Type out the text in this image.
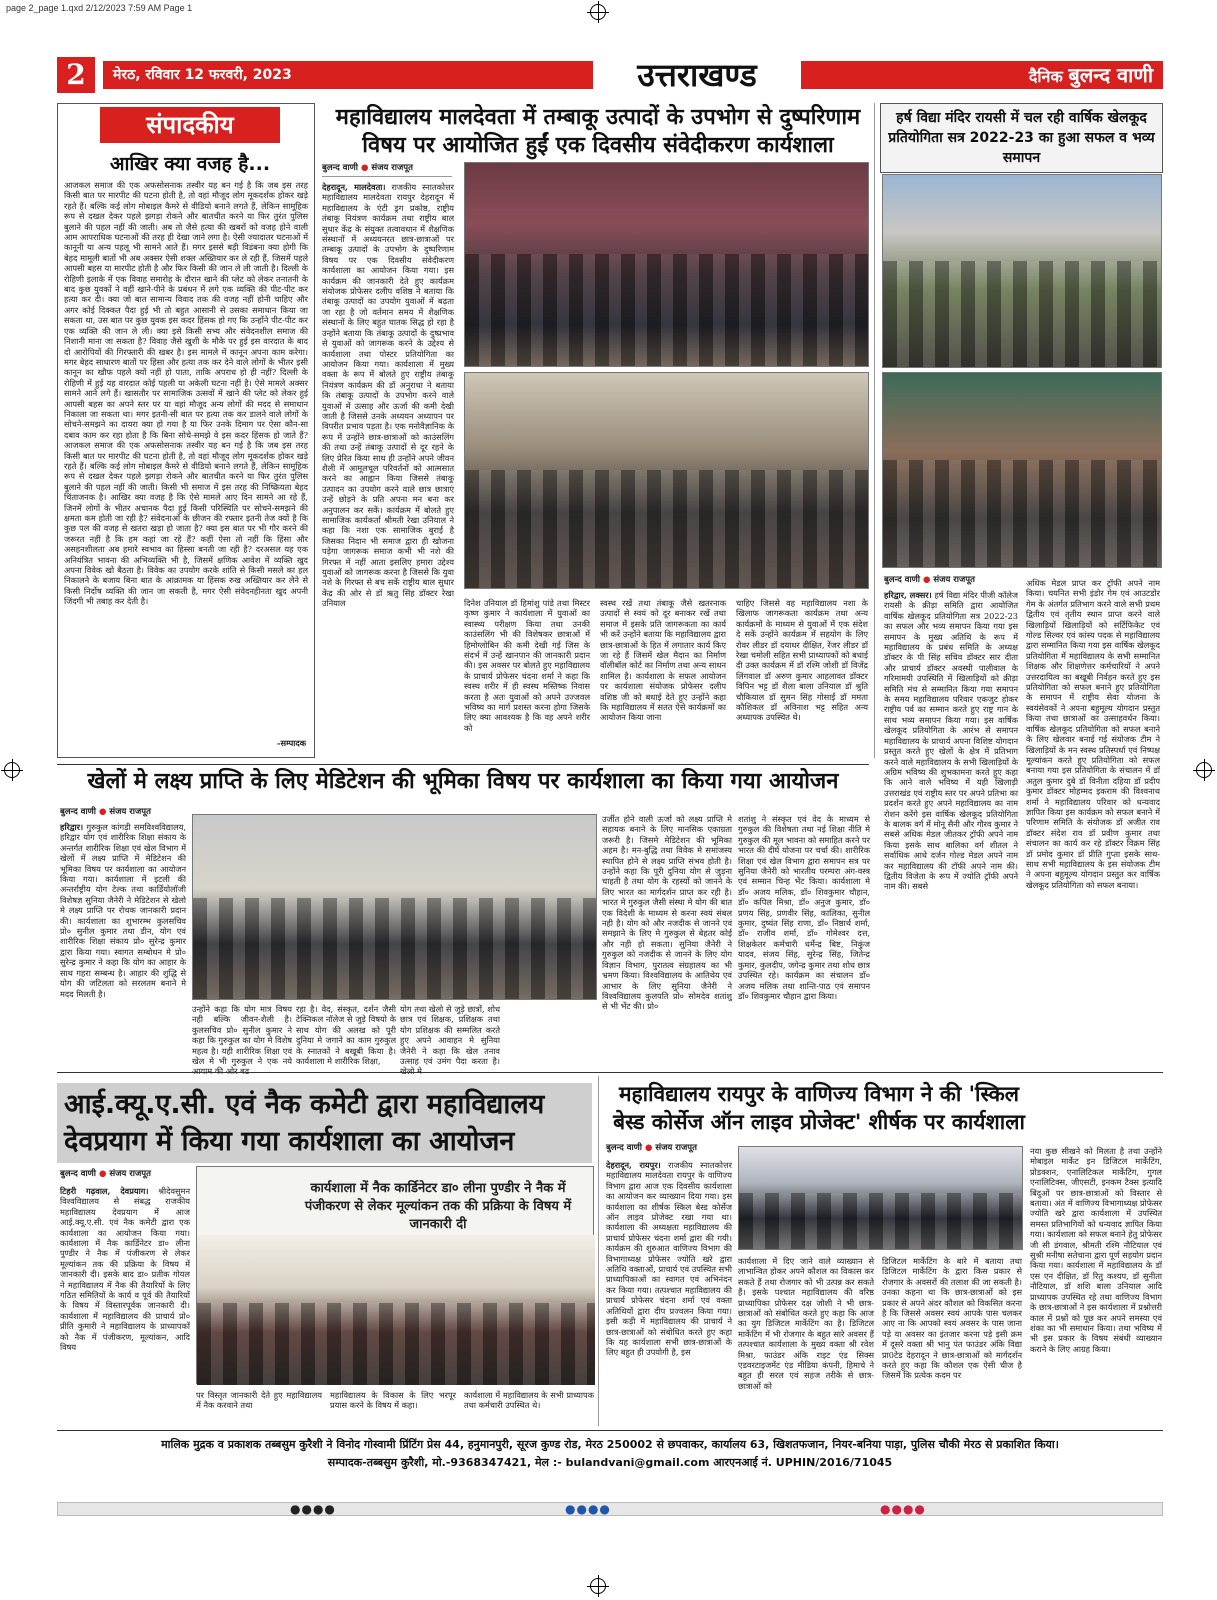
page 2_page 1.qxd 2/12/2023 7:59 AM Page 1
2	मेरठ, रविवार 12 फरवरी, 2023	उत्तराखण्ड	दैनिक बुलन्द वाणी
संपादकीय
आखिर क्या वजह है...
आजकल समाज की एक अफसोसनाक तस्वीर यह बन गई है कि जब इस तरह किसी बात पर मारपीट की घटना होती है, तो वहां मौजूद लोग मूकदर्शक होकर खड़े रहते हैं। बल्कि कई लोग मोबाइल कैमरे से वीडियो बनाने लगते हैं, लेकिन सामूहिक रूप से दखल देकर पहले झगड़ा रोकने और बातचीत करने या फिर तुरंत पुलिस बुलाने की पहल नहीं की जाती। अब तो जैसे हत्या की खबरों को वजह होने वाली आम आपराधिक घटनाओं की तरह ही देखा जाने लगा है। ऐसी ज्यादातर घटनाओं में कानूनी या अन्य पहलू भी सामने आते हैं। मगर इससे बड़ी विडंबना क्या होगी कि बेहद मामूली बातों भी अब अक्सर ऐसी शक्ल अख्तियार कर ले रही हैं, जिसमें पहले आपसी बहस या मारपीट होती है और फिर किसी की जान ले ली जाती है। दिल्ली के रोहिणी इलाके में एक विवाह समारोह के दौरान खाने की प्लेट को लेकर तनातनी के बाद कुछ युवकों ने वहीं खाने-पीने के प्रबंधन में लगे एक व्यक्ति की पीट-पीट कर हत्या कर दी। क्या जो बात सामान्य विवाद तक की वजह नहीं होनी चाहिए और अगर कोई दिक्कत पैदा हुई भी तो बहुत आसानी से उसका समाधान किया जा सकता था, उस बात पर कुछ युवक इस कदर हिंसक हो गए कि उन्होंने पीट-पीट कर एक व्यक्ति की जान ले ली। क्या इसे किसी सभ्य और संवेदनशील समाज की निशानी माना जा सकता है? विवाह जैसे खुशी के मौके पर हुई इस वारदात के बाद दो आरोपियों की गिरफ्तारी की खबर है। इस मामले में कानून अपना काम करेगा। मगर बेहद साधारण बातों पर हिंसा और हत्या तक कर देने वाले लोगों के भीतर इसी कानून का खौफ पहले क्यों नहीं हो पाता, ताकि अपराध हो ही नहीं? दिल्ली के रोहिणी में हुई यह वारदात कोई पहली या अकेली घटना नहीं है। ऐसे मामले अक्सर सामने आने लगे हैं। खासतौर पर सामाजिक उत्सवों में खाने की प्लेट को लेकर हुई आपसी बहस का अपने स्तर पर या वहां मौजूद अन्य लोगों की मदद से समाधान निकाला जा सकता था। मगर इतनी-सी बात पर हत्या तक कर डालने वाले लोगों के सोचने-समझने का दायरा क्या हो गया है या फिर उनके दिमाग पर ऐसा कौन-सा दबाव काम कर रहा होता है कि बिना सोचे-समझे वे इस कदर हिंसक हो जाते हैं? आजकल समाज की एक अफसोसनाक तस्वीर यह बन गई है कि जब इस तरह किसी बात पर मारपीट की घटना होती है, तो वहां मौजूद लोग मूकदर्शक होकर खड़े रहते हैं। बल्कि कई लोग मोबाइल कैमरे से वीडियो बनाने लगते हैं, लेकिन सामूहिक रूप से दखल देकर पहले झगड़ा रोकने और बातचीत करने या फिर तुरंत पुलिस बुलाने की पहल नहीं की जाती। किसी भी समाज में इस तरह की निष्क्रियता बेहद चिंताजनक है। आखिर क्या वजह है कि ऐसे मामले आए दिन सामने आ रहे हैं, जिनमें लोगों के भीतर अचानक पैदा हुई किसी परिस्थिति पर सोचने-समझने की क्षमता कम होती जा रही है? संवेदनाओं के छीजन की रफ्तार इतनी तेज क्यों है कि कुछ पल की वजह से खतरा खड़ा हो जाता है? क्या इस बात पर भी गौर करने की जरूरत नहीं है कि हम कहां जा रहे हैं? कहीं ऐसा तो नहीं कि हिंसा और असहनशीलता अब हमारे स्वभाव का हिस्सा बनती जा रही है? दरअसल यह एक अनियंत्रित भावना की अभिव्यक्ति भी है, जिसमें क्षणिक आवेश में व्यक्ति खुद अपना विवेक खो बैठता है। विवेक का उपयोग करके शांति से किसी मसले का हल निकालने के बजाय बिना बात के आक्रामक या हिंसक रुख अख्तियार कर लेने से किसी निर्दोष व्यक्ति की जान जा सकती है, मगर ऐसी संवेदनहीनता खुद अपनी जिंदगी भी तबाह कर देती है।
-सम्पादक
महाविद्यालय मालदेवता में तम्बाकू उत्पादों के उपभोग से दुष्परिणाम विषय पर आयोजित हुईं एक दिवसीय संवेदीकरण कार्यशाला
बुलन्द वाणी ● संजय राजपूत
देहरादून, मालदेवता। राजकीय स्नातकोत्तर महाविद्यालय मालदेवता रायपुर देहरादून में महाविद्यालय के एंटी ड्रग प्रकोष्ठ, राष्ट्रीय तंबाकू नियंत्रण कार्यक्रम तथा राष्ट्रीय बाल सुधार केंद्र के संयुक्त तत्वावधान में शैक्षणिक संस्थानों में अध्ययनरत छात्र-छात्राओं पर तम्बाकू उत्पादों के उपभोग के दुष्परिणाम विषय पर एक दिवसीय संवेदीकरण कार्यशाला का आयोजन किया गया। इस कार्यक्रम की जानकारी देते हुए कार्यक्रम संयोजक प्रोफेसर दलीप वशिष्ठ ने बताया कि तंबाकू उत्पादों का उपयोग युवाओं में बढ़ता जा रहा है जो वर्तमान समय में शैक्षणिक संस्थानों के लिए बहुत घातक सिद्ध हो रहा है उन्होंने बताया कि तंबाकू उत्पादों के दुष्प्रभाव से युवाओं को जागरूक करने के उद्देश्य से कार्यशाला तथा पोस्टर प्रतियोगिता का आयोजन किया गया। कार्यशाला में मुख्य वक्ता के रूप में बोलते हुए राष्ट्रीय तंबाकू नियंत्रण कार्यक्रम की डॉ अनुराधा ने बताया कि तंबाकू उत्पादों के उपभोग करने वाले युवाओं में उत्साह और ऊर्जा की कमी देखी जाती है जिससे उनके अध्ययन अध्यापन पर विपरीत प्रभाव पड़ता है। एक मनोवैज्ञानिक के रूप में उन्होंने छात्र-छात्राओं को काउंसलिंग की तथा उन्हें तंबाकू उत्पादों से दूर रहने के लिए प्रेरित किया साथ ही उन्होंने अपने जीवन शैली में आमूलचूल परिवर्तनों को आत्मसात करने का आह्वान किया जिससे तंबाकू उत्पादन का उपयोग करने वाले छात्र छात्राएं उन्हें छोड़ने के प्रति अपना मन बना कर अनुपालन कर सकें। कार्यक्रम में बोलते हुए सामाजिक कार्यकर्ता श्रीमती रेखा उनियाल ने कहा कि नशा एक सामाजिक बुराई है जिसका निदान भी समाज द्वारा ही खोजना पड़ेगा जागरूक समाज कभी भी नशे की गिरफ्त में नहीं आता इसलिए हमारा उद्देश्य युवाओं को जागरूक करना है जिससे कि युवा नशे के गिरफ्त से बच सकें राष्ट्रीय बाल सुधार केंद्र की ओर से डॉ ऋतु सिंह डॉक्टर रेखा उनियाल	दिनेश उनियाल डॉ हिमांशु पांडे तथा मिस्टर कृष्ण कुमार ने कार्यशाला में युवाओं का स्वास्थ्य परीक्षण किया तथा उनकी काउंसलिंग भी की विशेषकर छात्राओं में हिमोग्लोबिन की कमी देखी गई जिस के संदर्भ में उन्हें खानपान की जानकारी प्रदान की। इस अवसर पर बोलते हुए महाविद्यालय के प्राचार्य प्रोफेसर चंदना शर्मा ने कहा कि स्वस्थ शरीर में ही स्वस्थ मस्तिष्क निवास करता है अतः युवाओं को अपने उज्जवल भविष्य का मार्ग प्रशस्त करना होगा जिसके लिए क्या आवश्यक है कि वह अपने शरीर को
स्वस्थ रखें तथा तंबाकू जैसे खतरनाक उत्पादों से स्वयं को दूर बनाकर रखें तथा समाज में इसके प्रति जागरूकता का कार्य भी करें उन्होंने बताया कि महाविद्यालय द्वारा छात्र-छात्राओं के हित में लगातार कार्य किए जा रहे हैं जिसमें खेल मैदान का निर्माण वॉलीबॉल कोर्ट का निर्माण तथा अन्य साधन शामिल है। कार्यशाला के सफल आयोजन पर कार्यशाला संयोजक प्रोफेसर दलीप वशिष्ठ जी को बधाई देते हुए उन्होंने कहा कि महाविद्यालय में सतत ऐसे कार्यक्रमों का आयोजन किया जाना
चाहिए जिससे वह महाविद्यालय नशा के खिलाफ जागरूकता कार्यक्रम तथा अन्य कार्यक्रमों के माध्यम से युवाओं में एक संदेश दे सकें उन्होंने कार्यक्रम में सहयोग के लिए रोवर लीडर डॉ दयाधर दीक्षित, रेंजर लीडर डॉ रेखा चमोली सहित सभी प्राध्यापकों को बधाई दी उक्त कार्यक्रम में डॉ रश्मि जोशी डॉ विजेंद्र लिंगवाल डॉ अरुण कुमार आहलावत डॉक्टर विपिन भट्ट डॉ शैला बाला उनियाल डॉ श्रुति चौकियाल डॉ सुमन सिंह गोसाईं डॉ ममता कौशिकल डॉ अविनाश भट्ट सहित अन्य अध्यापक उपस्थित थे।
हर्ष विद्या मंदिर रायसी में चल रही वार्षिक खेलकूद प्रतियोगिता सत्र 2022-23 का हुआ सफल व भव्य समापन
बुलन्द वाणी ● संजय राजपूत
हरिद्वार, लक्सर। हर्ष विद्या मंदिर पीजी कॉलेज रायसी के क्रीड़ा समिति द्वारा आयोजित वार्षिक खेलकूद प्रतियोगिता सत्र 2022-23 का सफल और भव्य समापन किया गया इस समापन के मुख्य अतिथि के रूप में महाविद्यालय के प्रबंध समिति के अध्यक्ष डॉक्टर के पी सिंह सचिव डॉक्टर सार दीता और प्राचार्य डॉक्टर अवस्थी पालीवाल के गरिमामयी उपस्थिति में खिलाड़ियों को क्रीड़ा समिति मंच से सम्मानित किया गया समापन के समय महाविद्यालय परिवार एकजुट होकर राष्ट्रीय पर्व का सम्मान करते हुए राष्ट्र गान के साथ भव्य समापन किया गया। इस वार्षिक खेलकूद प्रतियोगिता के आरंभ से समापन महाविद्यालय के प्राचार्य अपना विशिष्ट योगदान प्रस्तुत करते हुए खेलों के क्षेत्र में प्रतिभाग करने वाले महाविद्यालय के सभी खिलाड़ियों के अग्रिम भविष्य की शुभकामना करते हुए कहा कि आने वाले भविष्य में यही खिलाड़ी उत्तराखंड एवं राष्ट्रीय स्तर पर अपने प्रतिभा का प्रदर्शन करते हुए अपने महाविद्यालय का नाम रोशन करेंगे इस वार्षिक खेलकूद प्रतियोगिता के बालक वर्ग में मोनू सैनी और गौरव कुमार ने सबसे अधिक मेडल जीतकर ट्रॉफी अपने नाम किया इसके साथ बालिका वर्ग शीतल ने सर्वाधिक आधे दर्जन गोल्ड मेडल अपने नाम कर महाविद्यालय की टॉफी अपने नाम की। द्वितीय विजेता के रूप में ज्योति ट्रॉफी अपने नाम की। सबसे
अधिक मेडल प्राप्त कर ट्रॉफी अपने नाम किया। चयनित सभी इंडोर गेम एवं आउटडोर गेम के अंतर्गत प्रतिभाग करने वाले सभी प्रथम द्वितीय एवं तृतीय स्थान प्राप्त करने वाले खिलाड़ियों खिलाड़ियों को सर्टिफिकेट एवं गोल्ड सिल्वर एवं कांस्य पदक से महाविद्यालय द्वारा सम्मानित किया गया इस वार्षिक खेलकूद प्रतियोगिता में महाविद्यालय के सभी सम्मानित शिक्षक और शिक्षणेत्तर कर्मचारियों ने अपने उत्तरदायित्व का बखूबी निर्वहन करते हुए इस प्रतियोगिता को सफल बनाने हुए प्रतियोगिता के समापन में राष्ट्रीय सेवा योजना के स्वयंसेवकों ने अपना बहुमूल्य योगदान प्रस्तुत किया तथा छात्राओं का उत्साहवर्धन किया। वार्षिक खेलकूद प्रतियोगिता को सफल बनाने के लिए खेलवार बनाई गई संयोजक टीम ने खिलाड़ियों के मन स्वस्थ प्रतिस्पर्धा एवं निष्पक्ष मूल्यांकन करते हुए प्रतियोगिता को सफल बनाया गया इस प्रतियोगिता के संचालन में डॉ अतुल कुमार दुबे डॉ विनीता दहिया डॉ प्रदीप कुमार डॉक्टर मोहम्मद इकराम की विश्वनाथ शर्मा ने महाविद्यालय परिवार को धन्यवाद ज्ञापित किया इस कार्यक्रम को सफल बनाने में परिणाम समिति के संयोजक डॉ अजीत राव डॉक्टर संदेश राव डॉ प्रवीण कुमार तथा संचालन का कार्य कर रहे डॉक्टर विक्रम सिंह डॉ प्रमोद कुमार डॉ प्रीति गुप्ता इसके साथ-साथ सभी महाविद्यालय के इस संयोजक टीम ने अपना बहुमूल्य योगदान प्रस्तुत कर वार्षिक खेलकूद प्रतियोगिता को सफल बनाया।
खेलों मे लक्ष्य प्राप्ति के लिए मेडिटेशन की भूमिका विषय पर कार्यशाला का किया गया आयोजन
बुलन्द वाणी ● संजय राजपूत
हरिद्वार। गुरुकुल कांगड़ी समविश्वविद्यालय, हरिद्वार योग एवं शारीरिक शिक्षा संकाय के अन्तर्गत शारीरिक शिक्षा एवं खेल विभाग में खेलों में लक्ष्य प्राप्ति में मेडिटेशन की भूमिका विषय पर कार्यशाला का आयोजन किया गया। कार्यशाला में इटली की अन्तर्राष्ट्रीय योग टेल्क तथा कार्डियोलॉजी विशेषज्ञ सुनिया जैनेरी ने मेडिटेशन से खेलो मे लक्ष्य प्राप्ति पर रोचक जानकारी प्रदान की। कार्यशाला का शुभारम्भ कुलसचिव प्रो० सुनील कुमार तथा डीन, योग एवं शारीरिक शिक्षा संकाय प्रो० सुरेन्द्र कुमार द्वारा किया गया। स्वागत सम्बोधन मे प्रो० सुरेन्द्र कुमार ने कहा कि योग का आहार के साथ गहरा सम्बन्ध है। आहार की शुद्धि से योग की जटिलता को सरलतम बनाने मे मदद मिलती है।
उन्होंने कहा कि योग मात्र विषय नही बल्कि जीवन-शैली है। कुलसचिव प्रो० सुनील कुमार ने कहा कि गुरुकुल का योग मे विशेष महत्व है। यही शारीरिक शिक्षा एवं खेल मे भी गुरुकुल ने एक नये
रहा है। वेद, संस्कृत, दर्शन जैसी टेक्निकल नॉलेज से जुड़े विषयो के साथ योग की अलख को पूरी दुनिया मे जगाने का काम गुरुकुल के स्नातकों ने बखूबी किया है। कार्यशाला मे शारीरिक शिक्षा,
योग तथा खेलो से जुड़े छात्रों, शोध छात्र एवं शिक्षक, प्रशिक्षक तथा योग प्रशिक्षक की सम्मलित करते हुए अपने आवाहन मे सुनिया जैनेरी ने कहा कि खेल तनाव उत्साह एवं उमंग पैदा करता है।
उर्जीत होने वाली ऊर्जा को लक्ष्य प्राप्ति मे सहायक बनाने के लिए मानसिक एकाग्रता जरूरी है। जिसमे मेडिटेशन की भूमिका अहम है। मन-बुद्धि तथा विवेक मे समांजस्य स्थापित होने से लक्ष्य प्राप्ति संभव होती है। उन्होंने कहा कि पूरी दुनिया योग से जुड़ना चाहती है तथा योग के रहस्यों को जानने के लिए भारत का मार्गदर्शन प्राप्त कर रही है। भारत मे गुरुकुल जैसी संस्था मे योग की बात एक विदेशी के माध्यम से करना स्वयं संबल नही है। योग को और नजदीक से जानने एवं समझाने के लिए मे गुरुकुल से बेहतर कोई और नही हो सकता। सुनिया जैनेरी ने गुरुकुल को नजदीक से जानने के लिए योग विज्ञान विभाग, पुरातत्व संग्रहालय का भी भ्रमण किया। विश्वविद्यालय के आतिथेय एवं आभार के लिए सुनिया जैनेरी ने विश्वविद्यालय कुलपति प्रो० सोमदेव शतांशु से भी भेंट की। प्रो०
शतांशु ने संस्कृत एवं वेद के माध्यम से गुरुकुल की विशेषता तथा नई शिक्षा नीति मे गुरुकुल की मूल भावना को समाहित करने पर भारत की दीर्घ योजना पर चर्चा की। शारीरिक शिक्षा एवं खेल विभाग द्वारा समापन सत्र पर सुनिया जैनेरी को भारतीय परम्परा अंग-वस्त्र एवं सम्मान चिन्ह भेंट किया। कार्यशाला मे डॉ० अजय मलिक, डॉ० शिवकुमार चौहान, डॉ० कपिल मिश्रा, डॉ० अनुज कुमार, डॉ० प्रणय सिंह, प्रणवीर सिंह, कालिका, सुनील कुमार, दुष्यंत सिंह राणा, डॉ० निष्ठार्थ शर्मा, डॉ० राजीव शर्मा, डॉ० गोमेश्वर दत्त, शिक्षकेतर कर्मचारी धर्मेन्द्र बिष्ट, निकुंज यादव, संजय सिंह, सुरेन्द्र सिंह, जितेन्द्र कुमार, कुलदीप, जगेन्द्र कुमार तथा शोध छात्र उपस्थित रहे। कार्यक्रम का संचालन डॉ० अजय मलिक तथा शान्ति-पाठ एवं समापन डॉ० शिवकुमार चौहान द्वारा किया।
आई.क्यू.ए.सी. एवं नैक कमेटी द्वारा महाविद्यालय देवप्रयाग में किया गया कार्यशाला का आयोजन
बुलन्द वाणी ● संजय राजपूत
टिहरी गढ़वाल, देवप्रयाग। श्रीदेवसुमन विश्वविद्यालय से संबद्ध राजकीय महाविद्यालय देवप्रयाग में आज आई.क्यू.ए.सी. एवं नैक कमेटी द्वारा एक कार्यशाला का आयोजन किया गया। कार्यशाला में नैक कार्डिनेटर डा० लीना पुण्डीर ने नैक में पंजीकरण से लेकर मूल्यांकन तक की प्रक्रिया के विषय में जानकारी दी। इसके बाद डा० प्रतीक गोयल ने महाविद्यालय में नैक की तैयारियों के लिए गठित समितियों के कार्य व पूर्व की तैयारियों के विषय में विस्तारपूर्वक जानकारी दी। कार्यशाला में महाविद्यालय की प्राचार्य प्रो० प्रीति कुमारी ने महाविद्यालय के प्राध्यापकों को नैक में पंजीकरण, मूल्यांकन, आदि विषय
कार्यशाला में नैक कार्डिनेटर डा० लीना पुण्डीर ने नैक में पंजीकरण से लेकर मूल्यांकन तक की प्रक्रिया के विषय में जानकारी दी
पर विस्तृत जानकारी देते हुए महाविद्यालय में नैक करवाने तथा
महाविद्यालय के विकास के लिए भरपूर प्रयास करने के विषय में कहा।
कार्यशाला में महाविद्यालय के सभी प्राध्यापक तथा कर्मचारी उपस्थित थे।
महाविद्यालय रायपुर के वाणिज्य विभाग ने की 'स्किल बेस्ड कोर्सेज ऑन लाइव प्रोजेक्ट' शीर्षक पर कार्यशाला
बुलन्द वाणी ● संजय राजपूत
देहरादून, रायपुर। राजकीय स्नातकोत्तर महाविद्यालय मालदेवता रायपुर के वाणिज्य विभाग द्वारा आज एक दिवसीय कार्यशाला का आयोजन कर व्याख्यान दिया गया। इस कार्यशाला का शीर्षक स्किल बेस्ड कोर्सेज ऑन लाइव प्रोजेक्ट रखा गया था। कार्यशाला की अध्यक्षता महाविद्यालय की प्राचार्य प्रोफेसर चंदना शर्मा द्वारा की गयी। कार्यक्रम की शुरुआत वाणिज्य विभाग की विभागाध्यक्ष प्रोफेसर ज्योति खरे द्वारा अतिथि वक्ताओं, प्राचार्य एवं उपस्थित सभी प्राध्यापिकाओं का स्वागत एवं अभिनंदन कर किया गया। तत्पश्चात महाविद्यालय की प्राचार्य प्रोफेसर चंदना शर्मा एवं वक्ता अतिथियों द्वारा दीप प्रज्वलन किया गया। इसी कड़ी में महाविद्यालय की प्राचार्य ने छात्र-छात्राओं को संबोधित करते हुए कहा कि यह कार्यशाला सभी छात्र-छात्राओं के लिए बहुत ही उपयोगी है, इस
कार्यशाला में दिए जाने वाले व्याख्यान से लाभान्वित होकर अपने कौशल का विकास कर सकते हैं तथा रोजगार को भी उत्पन्न कर सकते हैं। इसके पश्चात महाविद्यालय की वरिष्ठ प्राध्यापिका प्रोफेसर दक्ष जोशी ने भी छात्र-छात्राओं को संबोधित करते हुए कहा कि आज का युग डिजिटल मार्केटिंग का है। डिजिटल मार्केटिंग में भी रोजगार के बहुत सारे अवसर हैं तत्पश्चात कार्यशाला के मुख्य वक्ता श्री रवेश मिश्रा, फाउंडर अंकि राइट एंड सिक्स एडवरटाइजमेंट एंड मीडिया कंपनी, हिमाचे ने बहुत ही सरल एवं सहज तरीके से छात्र-छात्राओं को
डिजिटल मार्केटिंग के बारे में बताया तथा डिजिटल मार्केटिंग के द्वारा किस प्रकार से रोजगार के अवसरों की तलाश की जा सकती है। उनका कहना था कि छात्र-छात्राओं को इस प्रकार से अपने अंदर कौशल को विकसित करना है कि जिससे अवसर स्वयं आपके पास चलकर आए ना कि आपको स्वयं अवसर के पास जाना पड़े या अवसर का इंतजार करना पड़े इसी क्रम में दूसरे वक्ता श्री भानु पंत फाउंडर अंकि विद्या प्रा0टेड देहरादून ने छात्र-छात्राओं को मार्गदर्शन करते हुए कहा कि कौशल एक ऐसी चीज है जिसमें कि प्रत्येक कदम पर
नया कुछ सीखने को मिलता है तथा उन्होंने मोबाइल मार्केट इन डिजिटल मार्केटिंग, प्रोडक्शन, एनालिटिकल मार्केटिंग, गुगल एनालिटिक्स, जीएसटी, इनकम टैक्स इत्यादि बिंदुओं पर छात्र-छात्राओं को विस्तार से बताया। अंत में वाणिज्य विभागाध्यक्ष प्रोफेसर ज्योति खरे द्वारा कार्यशाला में उपस्थित समस्त प्रतिभागियों को धन्यवाद ज्ञापित किया गया। कार्यशाला को सफल बनाने हेतु प्रोफेसर जी सी डंगवाल, श्रीमती रश्मि नौटियाल एवं सुश्री मनीषा सतेचाना द्वारा पूर्ण सहयोग प्रदान किया गया। कार्यशाला में महाविद्यालय के डॉ एस एन दीक्षित, डॉ रितु कश्यप, डॉ सुनीता नौटियाल, डॉ शशि बाला उनियाल आदि प्राध्यापक उपस्थित रहे तथा वाणिज्य विभाग के छात्र-छात्राओं ने इस कार्यशाला में प्रश्नोत्तरी काल में प्रश्नों को पूछ कर अपने समस्या एवं शंका का भी समाधान किया। तथा भविष्य में भी इस प्रकार के विषय संबंधी व्याख्यान कराने के लिए आग्रह किया।
मालिक मुद्रक व प्रकाशक तब्बसुम कुरैशी ने विनोद गोस्वामी प्रिंटिंग प्रेस 44, हनुमानपुरी, सूरज कुण्ड रोड, मेरठ 250002 से छपवाकर, कार्यालय 63, खिशतफजान, नियर-बनिया पाड़ा, पुलिस चौकी मेरठ से प्रकाशित किया।
सम्पादक-तब्बसुम कुरैशी, मो.-9368347421, मेल :- bulandvani@gmail.com आरएनआई नं. UPHIN/2016/71045
●●●●	●●●●	●●●●
